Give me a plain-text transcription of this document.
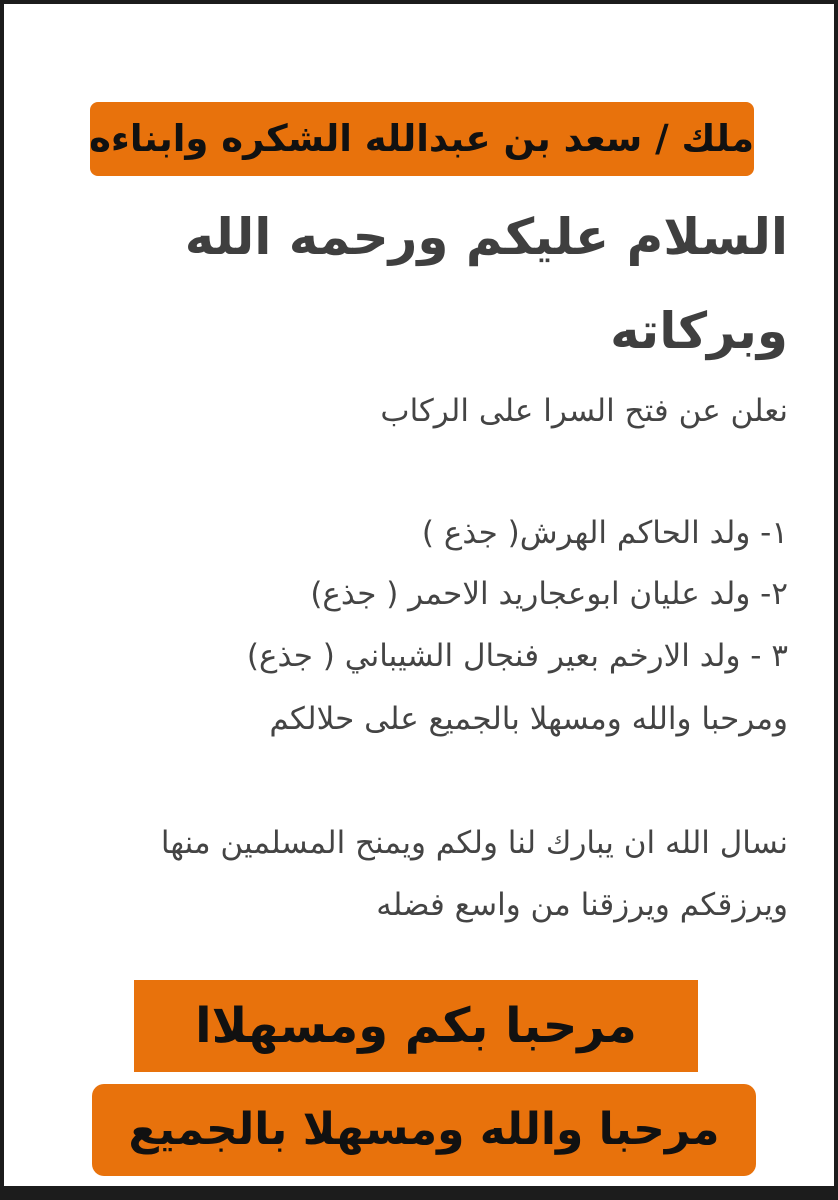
ملك / سعد بن عبدالله الشكره وابناءه
السلام عليكم ورحمه الله وبركاته
نعلن عن فتح السرا على الركاب
١- ولد الحاكم الهرش( جذع )
٢- ولد عليان ابوعجاريد الاحمر ( جذع)
٣ - ولد الارخم بعير فنجال الشيباني ( جذع)
ومرحبا والله ومسهلا بالجميع على حلالكم
نسال الله ان يبارك لنا ولكم ويمنح المسلمين منها ويرزقكم ويرزقنا من واسع فضله
مرحبا بكم ومسهلاا
مرحبا والله ومسهلا بالجميع
